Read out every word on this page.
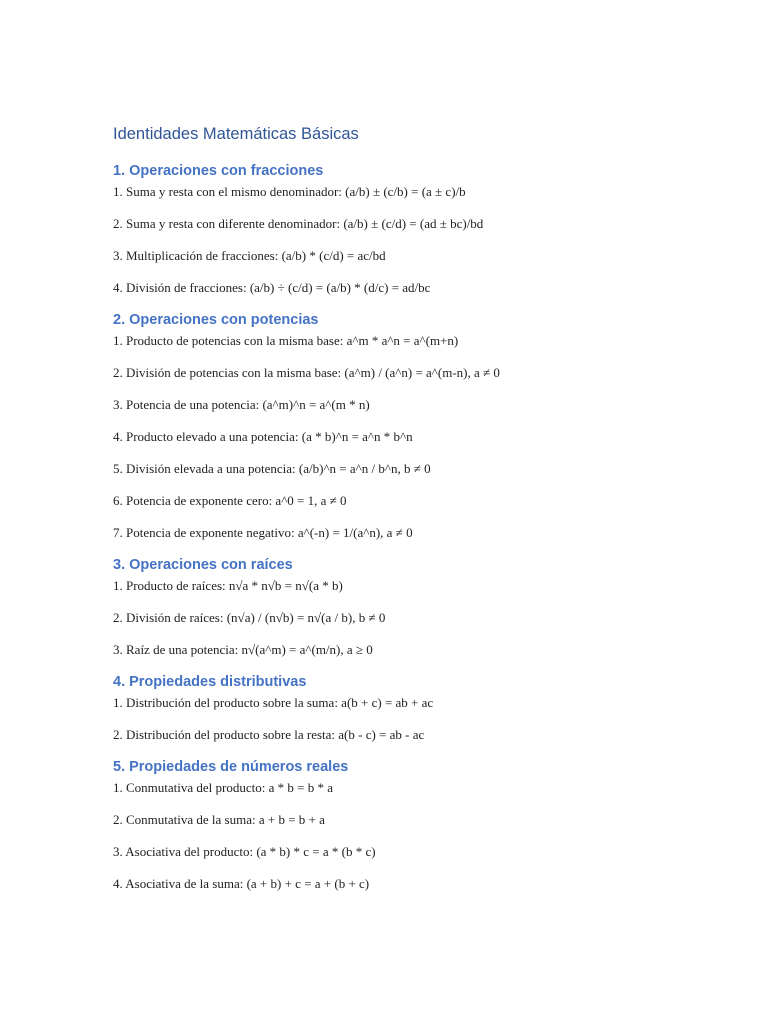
Identidades Matemáticas Básicas
1. Operaciones con fracciones

1. Suma y resta con el mismo denominador: (a/b) ± (c/b) = (a ± c)/b

2. Suma y resta con diferente denominador: (a/b) ± (c/d) = (ad ± bc)/bd

3. Multiplicación de fracciones: (a/b) * (c/d) = ac/bd

4. División de fracciones: (a/b) ÷ (c/d) = (a/b) * (d/c) = ad/bc

2. Operaciones con potencias

1. Producto de potencias con la misma base: a^m * a^n = a^(m+n)

2. División de potencias con la misma base: (a^m) / (a^n) = a^(m-n), a ≠ 0

3. Potencia de una potencia: (a^m)^n = a^(m * n)

4. Producto elevado a una potencia: (a * b)^n = a^n * b^n

5. División elevada a una potencia: (a/b)^n = a^n / b^n, b ≠ 0

6. Potencia de exponente cero: a^0 = 1, a ≠ 0

7. Potencia de exponente negativo: a^(-n) = 1/(a^n), a ≠ 0

3. Operaciones con raíces

1. Producto de raíces: n√a * n√b = n√(a * b)

2. División de raíces: (n√a) / (n√b) = n√(a / b), b ≠ 0

3. Raíz de una potencia: n√(a^m) = a^(m/n), a ≥ 0

4. Propiedades distributivas

1. Distribución del producto sobre la suma: a(b + c) = ab + ac

2. Distribución del producto sobre la resta: a(b - c) = ab - ac

5. Propiedades de números reales

1. Conmutativa del producto: a * b = b * a

2. Conmutativa de la suma: a + b = b + a

3. Asociativa del producto: (a * b) * c = a * (b * c)

4. Asociativa de la suma: (a + b) + c = a + (b + c)
